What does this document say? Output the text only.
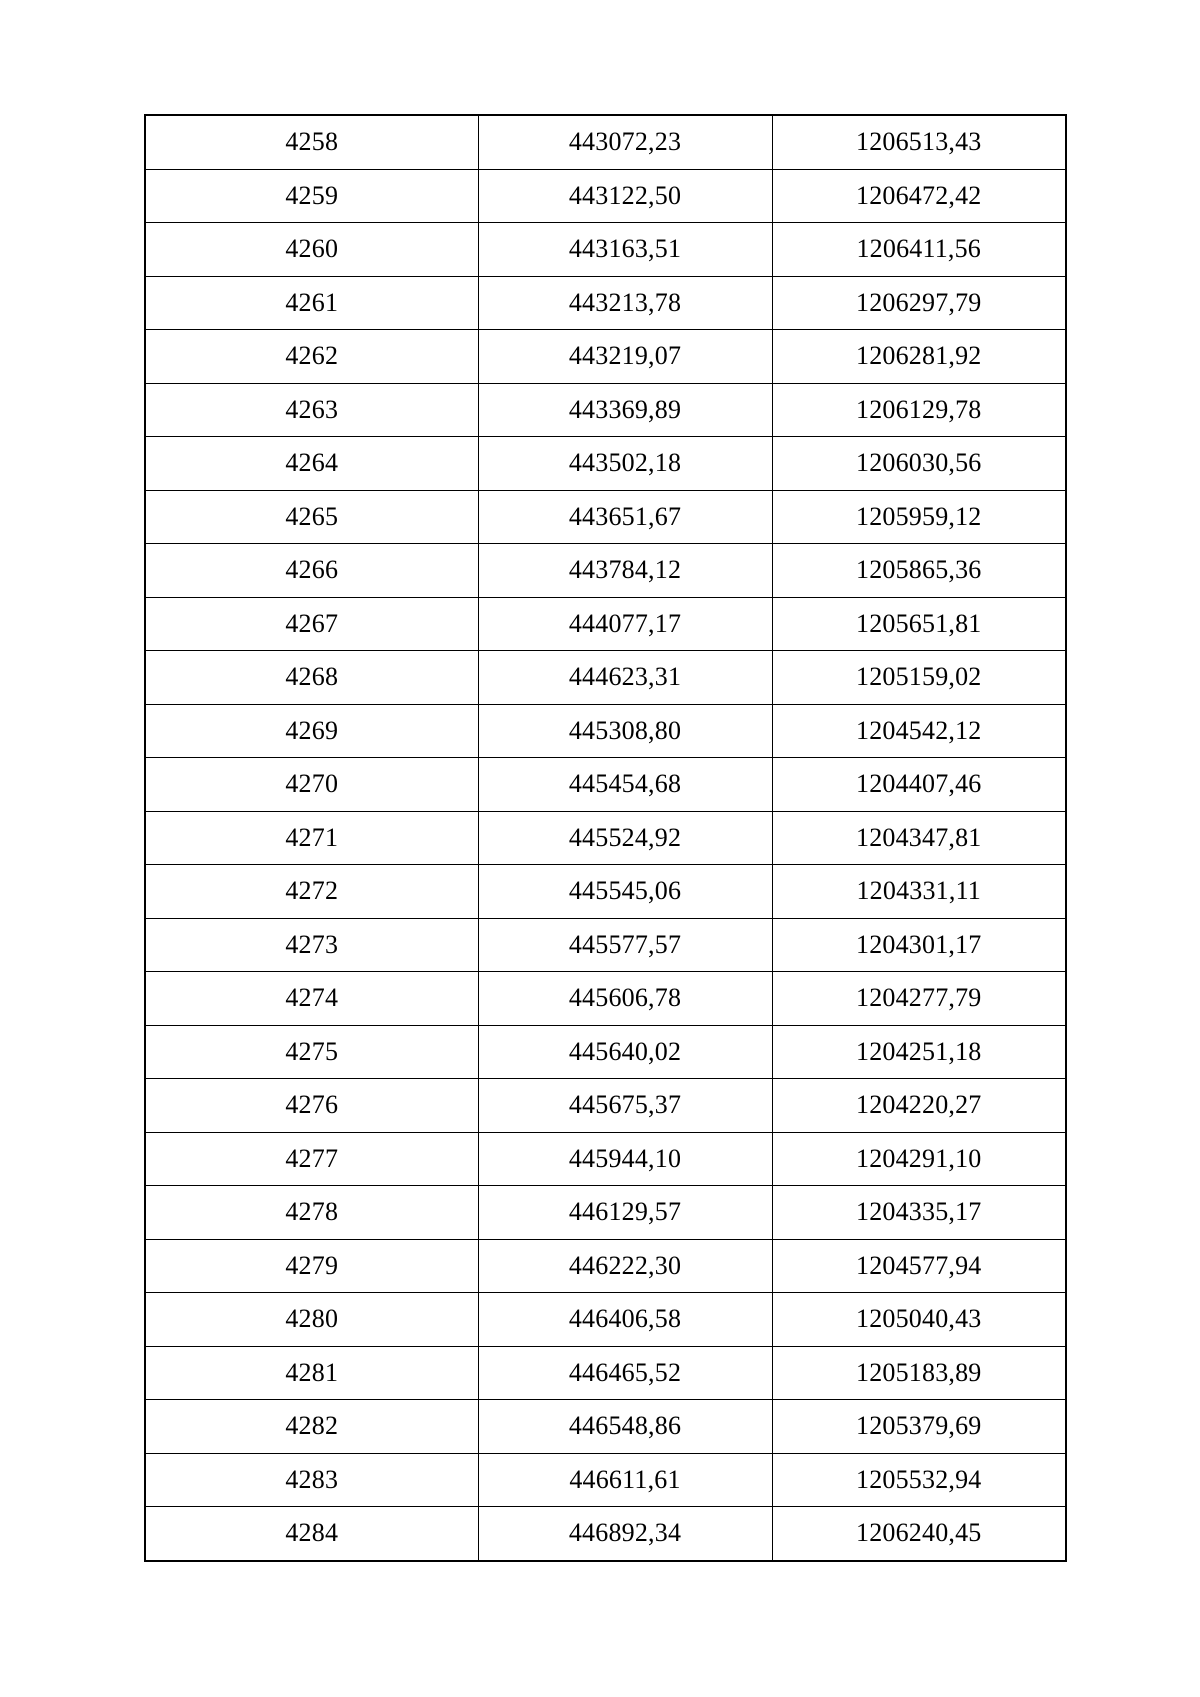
4258	443072,23	1206513,43
4259	443122,50	1206472,42
4260	443163,51	1206411,56
4261	443213,78	1206297,79
4262	443219,07	1206281,92
4263	443369,89	1206129,78
4264	443502,18	1206030,56
4265	443651,67	1205959,12
4266	443784,12	1205865,36
4267	444077,17	1205651,81
4268	444623,31	1205159,02
4269	445308,80	1204542,12
4270	445454,68	1204407,46
4271	445524,92	1204347,81
4272	445545,06	1204331,11
4273	445577,57	1204301,17
4274	445606,78	1204277,79
4275	445640,02	1204251,18
4276	445675,37	1204220,27
4277	445944,10	1204291,10
4278	446129,57	1204335,17
4279	446222,30	1204577,94
4280	446406,58	1205040,43
4281	446465,52	1205183,89
4282	446548,86	1205379,69
4283	446611,61	1205532,94
4284	446892,34	1206240,45
